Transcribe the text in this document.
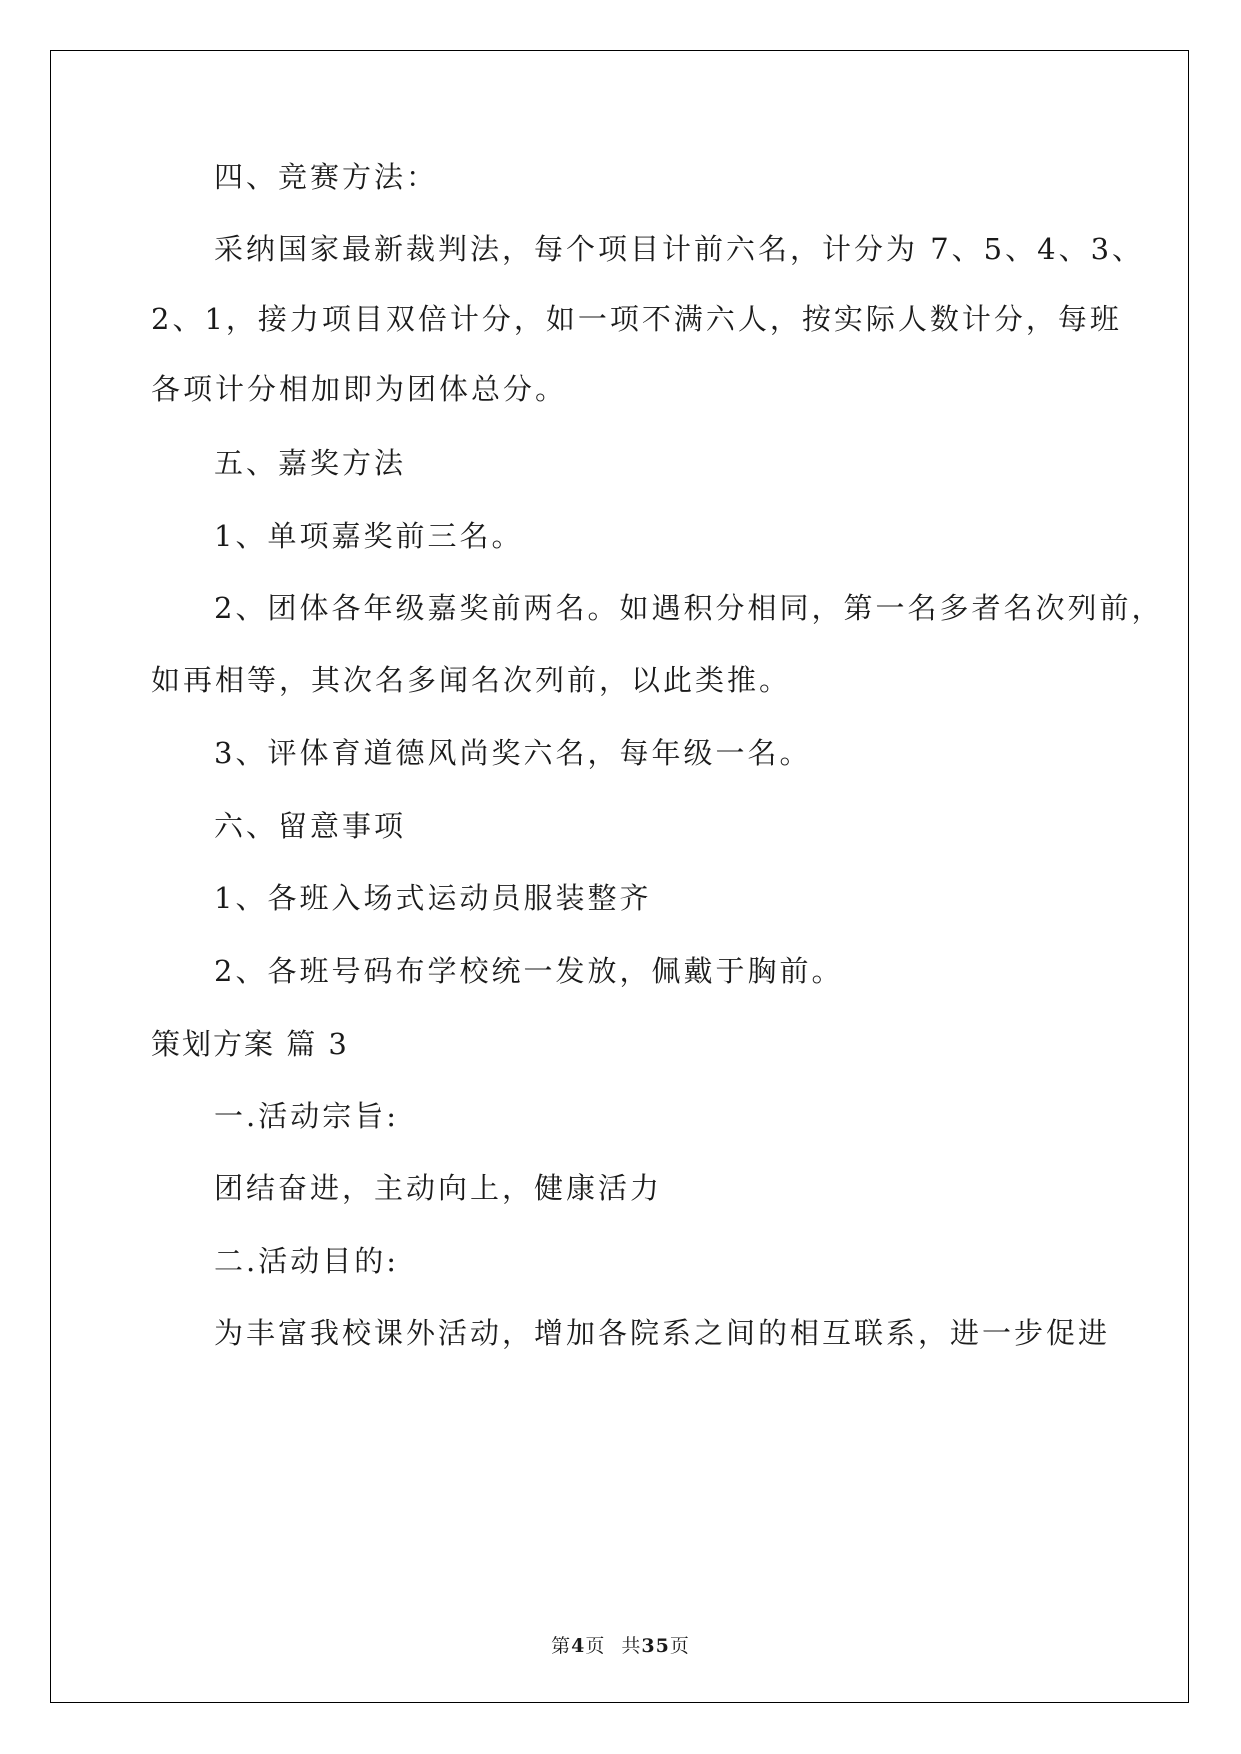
四、竞赛方法：
采纳国家最新裁判法，每个项目计前六名，计分为 7、5、4、3、
2、1，接力项目双倍计分，如一项不满六人，按实际人数计分，每班
各项计分相加即为团体总分。
五、嘉奖方法
1、单项嘉奖前三名。
2、团体各年级嘉奖前两名。如遇积分相同，第一名多者名次列前，
如再相等，其次名多闻名次列前，以此类推。
3、评体育道德风尚奖六名，每年级一名。
六、留意事项
1、各班入场式运动员服装整齐
2、各班号码布学校统一发放，佩戴于胸前。
策划方案 篇 3
一.活动宗旨:
团结奋进，主动向上，健康活力
二.活动目的:
为丰富我校课外活动，增加各院系之间的相互联系，进一步促进
第4页 共35页
